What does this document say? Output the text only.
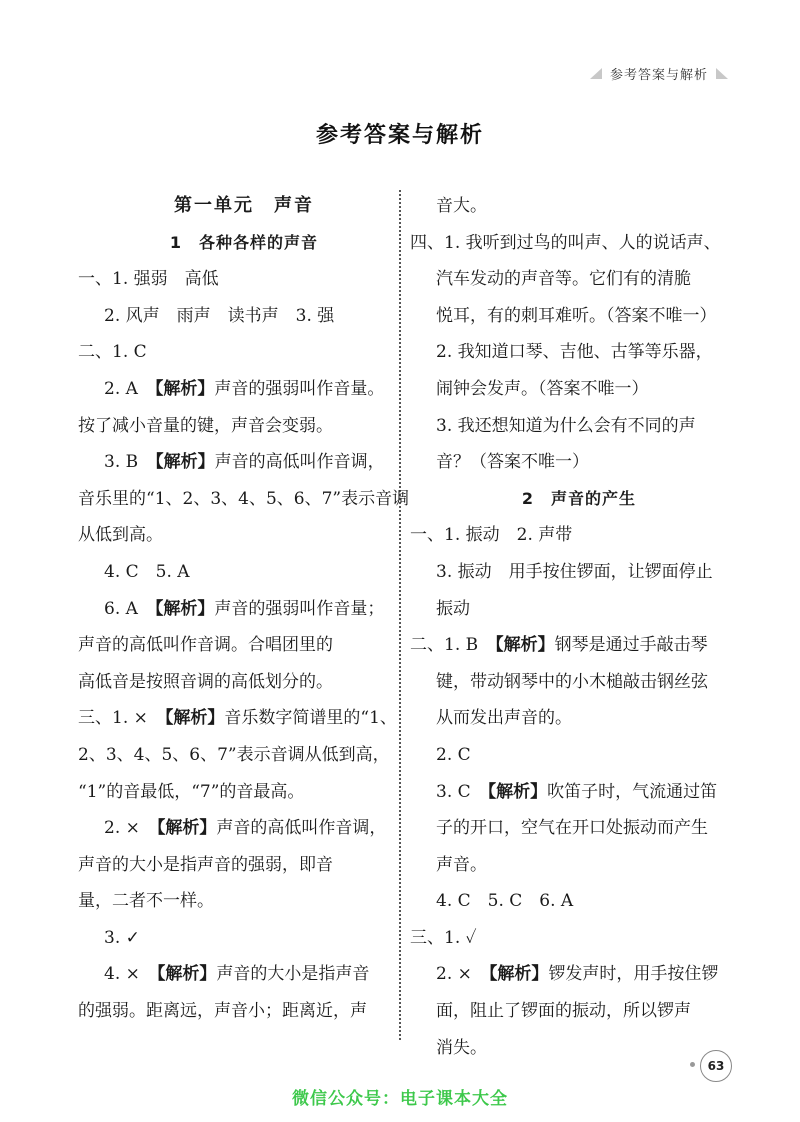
参考答案与解析
参考答案与解析
第一单元　声音
1　各种各样的声音
一、1. 强弱　高低
2. 风声　雨声　读书声　3. 强
二、1. C
2. A　【解析】声音的强弱叫作音量。
按了减小音量的键，声音会变弱。
3. B　【解析】声音的高低叫作音调，
音乐里的“1、2、3、4、5、6、7”表示音调
从低到高。
4. C　5. A
6. A　【解析】声音的强弱叫作音量；
声音的高低叫作音调。合唱团里的
高低音是按照音调的高低划分的。
三、1. ×　【解析】音乐数字简谱里的“1、
2、3、4、5、6、7”表示音调从低到高，
“1”的音最低，“7”的音最高。
2. ×　【解析】声音的高低叫作音调，
声音的大小是指声音的强弱，即音
量，二者不一样。
3. ✓
4. ×　【解析】声音的大小是指声音
的强弱。距离远，声音小；距离近，声
音大。
四、1. 我听到过鸟的叫声、人的说话声、
汽车发动的声音等。它们有的清脆
悦耳，有的刺耳难听。（答案不唯一）
2. 我知道口琴、吉他、古筝等乐器，
闹钟会发声。（答案不唯一）
3. 我还想知道为什么会有不同的声
音？（答案不唯一）
2　声音的产生
一、1. 振动　2. 声带
3. 振动　用手按住锣面，让锣面停止
振动
二、1. B　【解析】钢琴是通过手敲击琴
键，带动钢琴中的小木槌敲击钢丝弦
从而发出声音的。
2. C
3. C　【解析】吹笛子时，气流通过笛
子的开口，空气在开口处振动而产生
声音。
4. C　5. C　6. A
三、1. ✓
2. ×　【解析】锣发声时，用手按住锣
面，阻止了锣面的振动，所以锣声
消失。
63
微信公众号：电子课本大全
